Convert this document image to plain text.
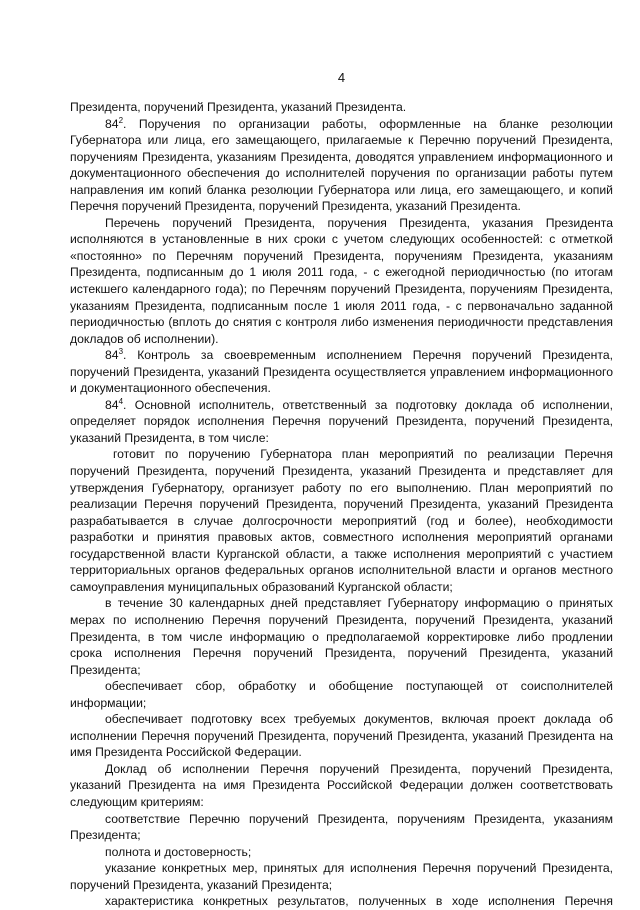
4

Президента, поручений Президента, указаний Президента.

$84^2$. Поручения по организации работы, оформленные на бланке резолюции Губернатора или лица, его замещающего, прилагаемые к Перечню поручений Президента, поручениям Президента, указаниям Президента, доводятся управлением информационного и документационного обеспечения до исполнителей поручения по организации работы путем направления им копий бланка резолюции Губернатора или лица, его замещающего, и копий Перечня поручений Президента, поручений Президента, указаний Президента.

Перечень поручений Президента, поручения Президента, указания Президента исполняются в установленные в них сроки с учетом следующих особенностей: с отметкой «постоянно» по Перечням поручений Президента, поручениям Президента, указаниям Президента, подписанным до 1 июля 2011 года, - с ежегодной периодичностью (по итогам истекшего календарного года); по Перечням поручений Президента, поручениям Президента, указаниям Президента, подписанным после 1 июля 2011 года, - с первоначально заданной периодичностью (вплоть до снятия с контроля либо изменения периодичности представления докладов об исполнении).

$84^3$. Контроль за своевременным исполнением Перечня поручений Президента, поручений Президента, указаний Президента осуществляется управлением информационного и документационного обеспечения.

$84^4$. Основной исполнитель, ответственный за подготовку доклада об исполнении, определяет порядок исполнения Перечня поручений Президента, поручений Президента, указаний Президента, в том числе:

готовит по поручению Губернатора план мероприятий по реализации Перечня поручений Президента, поручений Президента, указаний Президента и представляет для утверждения Губернатору, организует работу по его выполнению. План мероприятий по реализации Перечня поручений Президента, поручений Президента, указаний Президента разрабатывается в случае долгосрочности мероприятий (год и более), необходимости разработки и принятия правовых актов, совместного исполнения мероприятий органами государственной власти Курганской области, а также исполнения мероприятий с участием территориальных органов федеральных органов исполнительной власти и органов местного самоуправления муниципальных образований Курганской области;

в течение 30 календарных дней представляет Губернатору информацию о принятых мерах по исполнению Перечня поручений Президента, поручений Президента, указаний Президента, в том числе информацию о предполагаемой корректировке либо продлении срока исполнения Перечня поручений Президента, поручений Президента, указаний Президента;

обеспечивает сбор, обработку и обобщение поступающей от соисполнителей информации;

обеспечивает подготовку всех требуемых документов, включая проект доклада об исполнении Перечня поручений Президента, поручений Президента, указаний Президента на имя Президента Российской Федерации.

Доклад об исполнении Перечня поручений Президента, поручений Президента, указаний Президента на имя Президента Российской Федерации должен соответствовать следующим критериям:

соответствие Перечню поручений Президента, поручениям Президента, указаниям Президента;

полнота и достоверность;

указание конкретных мер, принятых для исполнения Перечня поручений Президента, поручений Президента, указаний Президента;

характеристика конкретных результатов, полученных в ходе исполнения Перечня
